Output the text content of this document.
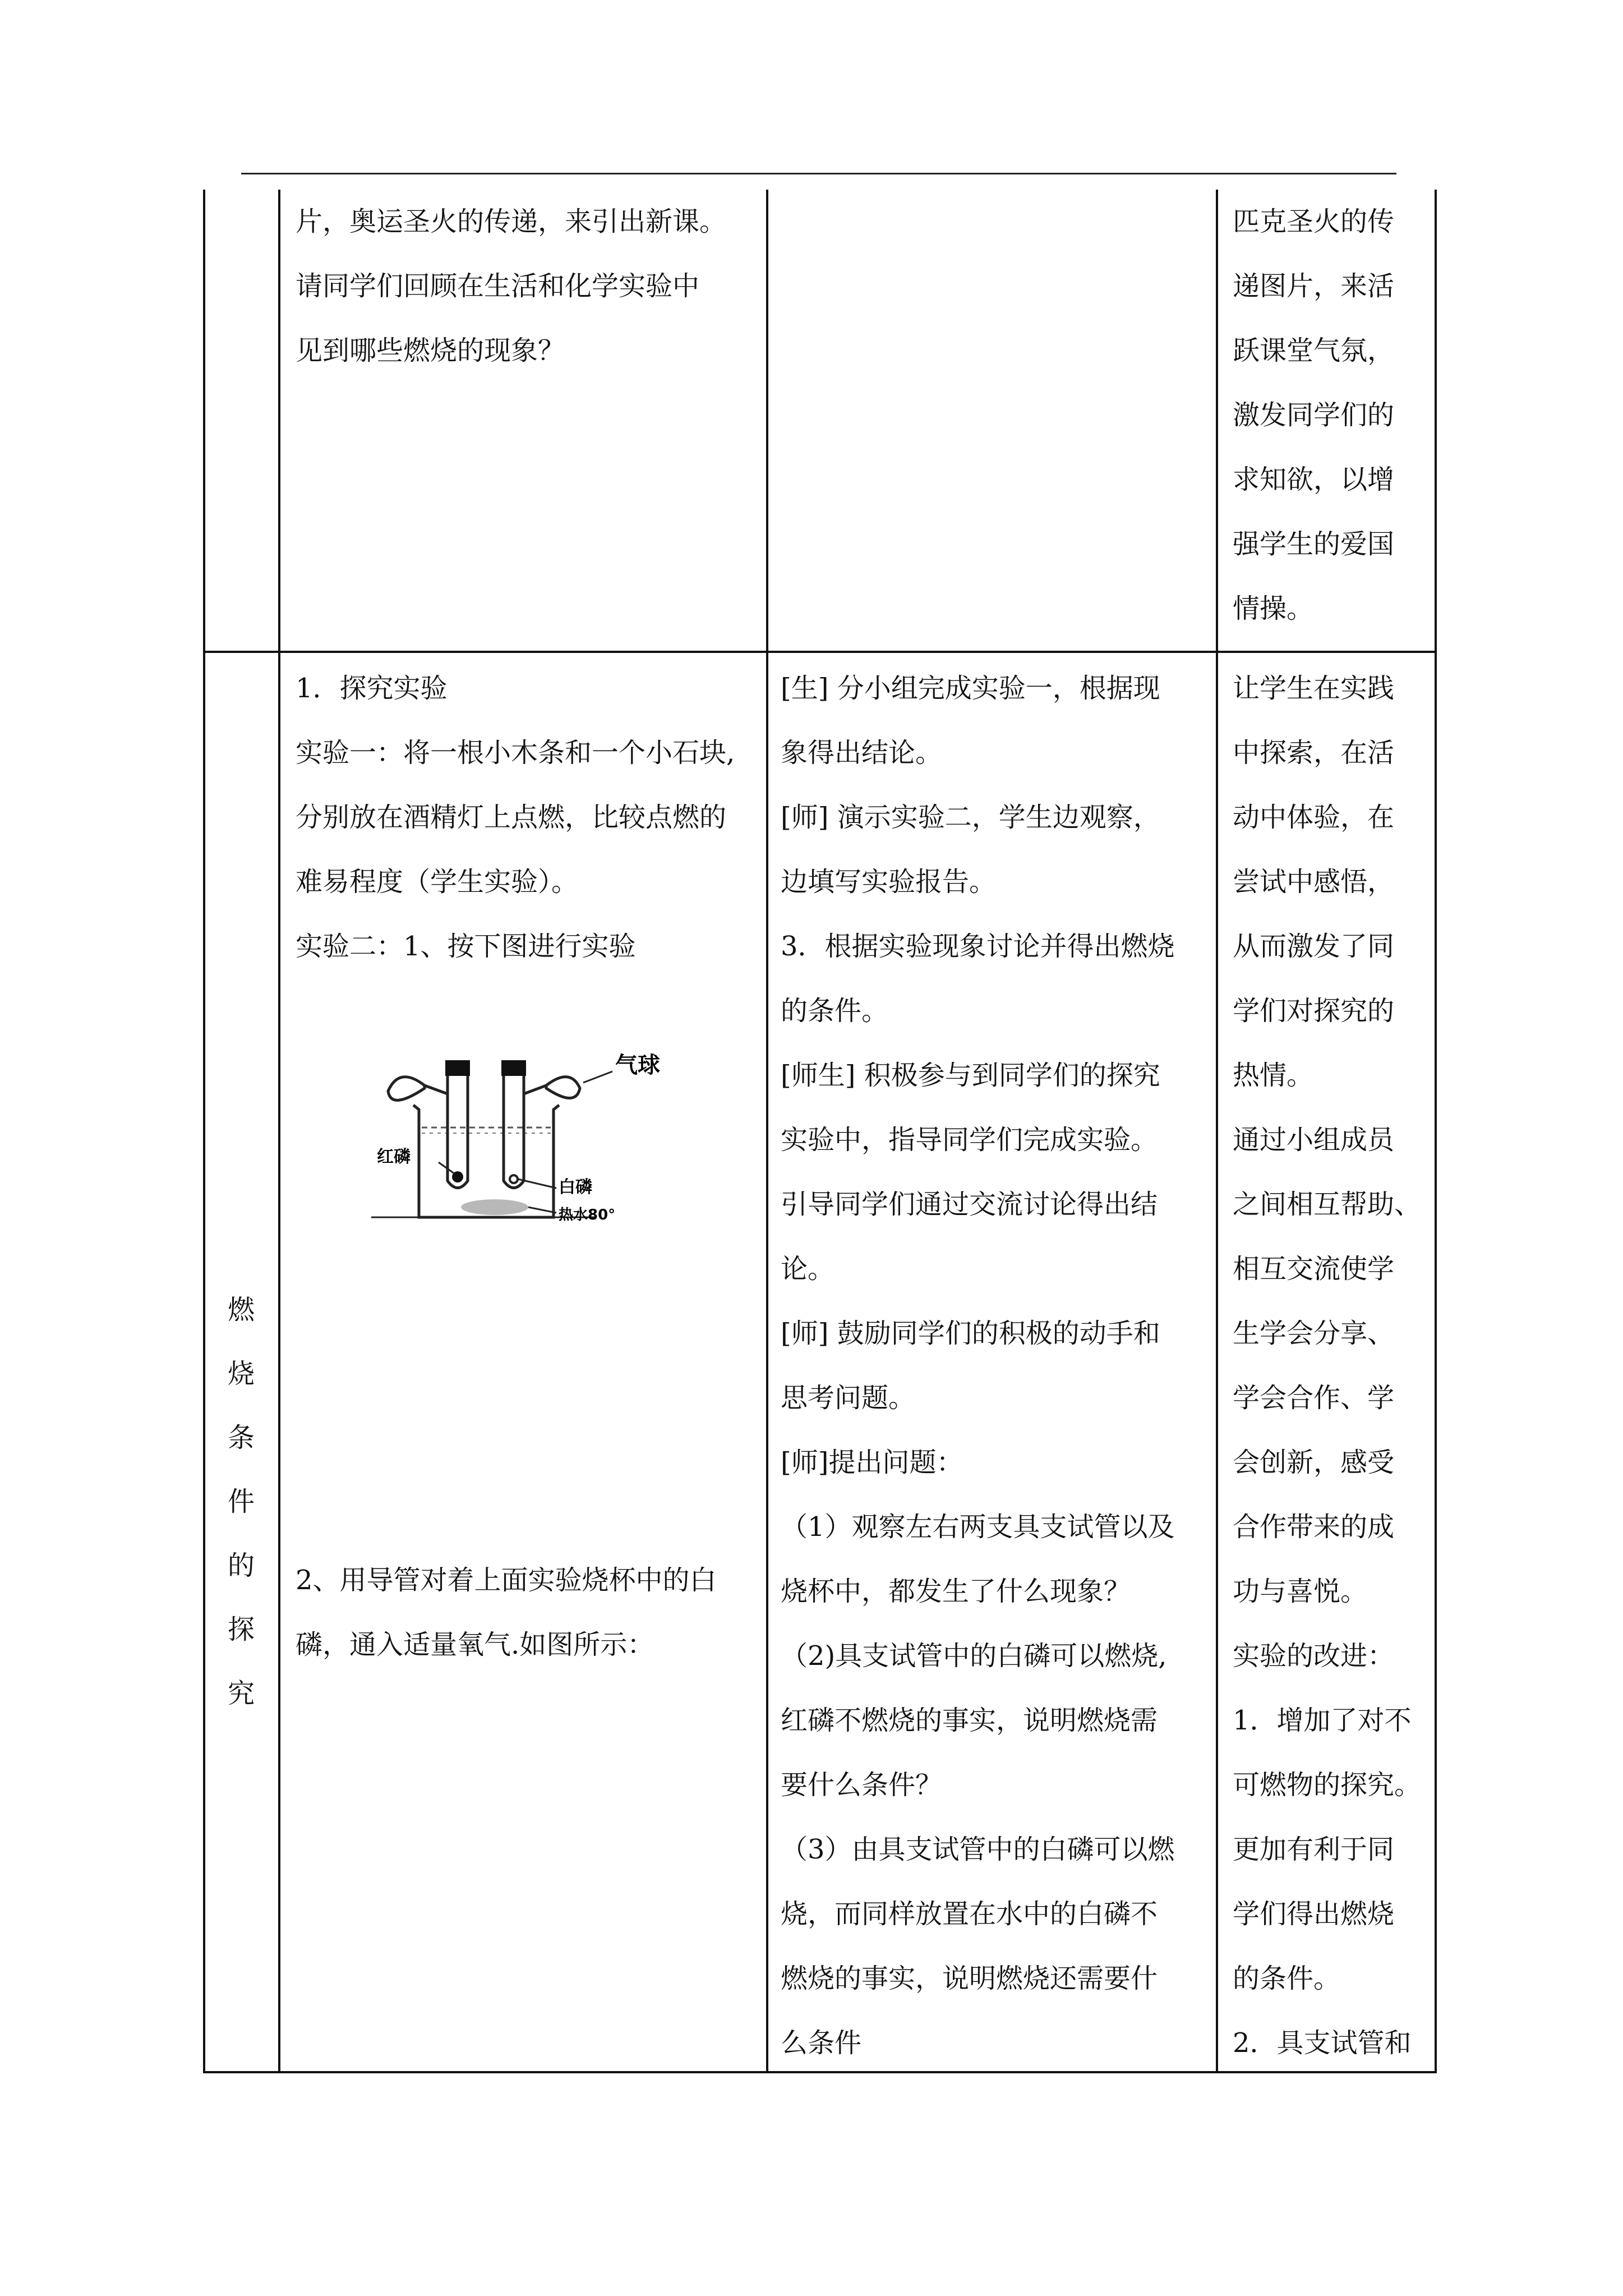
片，奥运圣火的传递，来引出新课。
请同学们回顾在生活和化学实验中
见到哪些燃烧的现象？
匹克圣火的传
递图片，来活
跃课堂气氛，
激发同学们的
求知欲，以增
强学生的爱国
情操。
燃
烧
条
件
的
探
究
1．探究实验
实验一：将一根小木条和一个小石块,
分别放在酒精灯上点燃，比较点燃的
难易程度（学生实验）。
实验二：1、按下图进行实验
气球
红磷
白磷
热水80°
2、用导管对着上面实验烧杯中的白
磷，通入适量氧气.如图所示：
[生] 分小组完成实验一，根据现
象得出结论。
[师] 演示实验二，学生边观察，
边填写实验报告。
3．根据实验现象讨论并得出燃烧
的条件。
[师生] 积极参与到同学们的探究
实验中，指导同学们完成实验。
引导同学们通过交流讨论得出结
论。
[师] 鼓励同学们的积极的动手和
思考问题。
[师]提出问题：
（1）观察左右两支具支试管以及
烧杯中，都发生了什么现象？
（2)具支试管中的白磷可以燃烧,
红磷不燃烧的事实，说明燃烧需
要什么条件？
（3）由具支试管中的白磷可以燃
烧，而同样放置在水中的白磷不
燃烧的事实，说明燃烧还需要什
么条件
让学生在实践
中探索，在活
动中体验，在
尝试中感悟，
从而激发了同
学们对探究的
热情。
通过小组成员
之间相互帮助、
相互交流使学
生学会分享、
学会合作、学
会创新，感受
合作带来的成
功与喜悦。
实验的改进：
1．增加了对不
可燃物的探究。
更加有利于同
学们得出燃烧
的条件。
2．具支试管和
